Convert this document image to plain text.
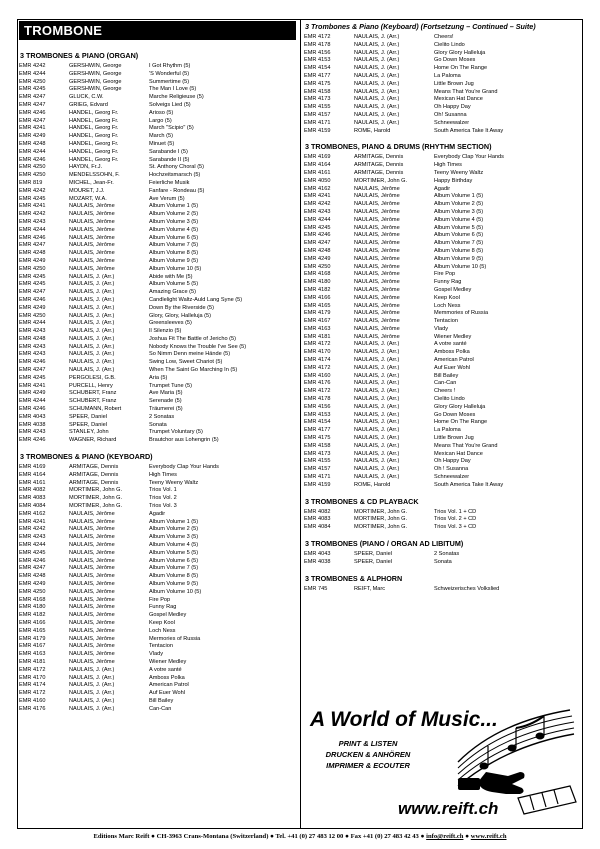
TROMBONE
3 TROMBONES & PIANO (ORGAN)
EMR 4242	GERSHWIN, George	I Got Rhythm (5)
EMR 4244	GERSHWIN, George	'S Wonderful (5)
EMR 4250	GERSHWIN, George	Summertime (5)
EMR 4245	GERSHWIN, George	The Man I Love (5)
EMR 4247	GLUCK, C.W.	Marche Religieuse (5)
EMR 4247	GRIEG, Edvard	Solveigs Lied (5)
EMR 4246	HÄNDEL, Georg Fr.	Arioso (5)
EMR 4247	HÄNDEL, Georg Fr.	Largo (5)
EMR 4241	HÄNDEL, Georg Fr.	March "Scipio" (5)
EMR 4249	HÄNDEL, Georg Fr.	March (5)
EMR 4248	HÄNDEL, Georg Fr.	Minuet (5)
EMR 4244	HÄNDEL, Georg Fr.	Sarabande I (5)
EMR 4246	HÄNDEL, Georg Fr.	Sarabande II (5)
EMR 4250	HAYDN, Fr.J.	St. Anthony Choral (5)
EMR 4250	MENDELSSOHN, F.	Hochzeitsmarsch (5)
EMR 819	MICHEL, Jean-Fr.	Feierliche Musik
EMR 4242	MOURET, J.J.	Fanfare - Rondeau (5)
EMR 4245	MOZART, W.A.	Ave Verum (5)
EMR 4241	NAULAIS, Jérôme	Album Volume 1 (5)
EMR 4242	NAULAIS, Jérôme	Album Volume 2 (5)
EMR 4243	NAULAIS, Jérôme	Album Volume 3 (5)
EMR 4244	NAULAIS, Jérôme	Album Volume 4 (5)
EMR 4246	NAULAIS, Jérôme	Album Volume 6 (5)
EMR 4247	NAULAIS, Jérôme	Album Volume 7 (5)
EMR 4248	NAULAIS, Jérôme	Album Volume 8 (5)
EMR 4249	NAULAIS, Jérôme	Album Volume 9 (5)
EMR 4250	NAULAIS, Jérôme	Album Volume 10 (5)
EMR 4245	NAULAIS, J. (Arr.)	Abide with Me (5)
EMR 4245	NAULAIS, J. (Arr.)	Album Volume 5 (5)
EMR 4247	NAULAIS, J. (Arr.)	Amazing Grace (5)
EMR 4246	NAULAIS, J. (Arr.)	Candlelight Waltz-Auld Lang Syne (5)
EMR 4249	NAULAIS, J. (Arr.)	Down By the Riverside (5)
EMR 4250	NAULAIS, J. (Arr.)	Glory, Glory, Halleluja (5)
EMR 4244	NAULAIS, J. (Arr.)	Greensleeves (5)
EMR 4243	NAULAIS, J. (Arr.)	Il Silenzio (5)
EMR 4248	NAULAIS, J. (Arr.)	Joshua Fit The Battle of Jericho (5)
EMR 4243	NAULAIS, J. (Arr.)	Nobody Knows the Trouble I've See (5)
EMR 4243	NAULAIS, J. (Arr.)	So Nimm Denn meine Hände (5)
EMR 4246	NAULAIS, J. (Arr.)	Swing Low, Sweet Chariot (5)
EMR 4247	NAULAIS, J. (Arr.)	When The Saint Go Marching In (5)
EMR 4245	PERGOLESI, G.B.	Aria (5)
EMR 4241	PURCELL, Henry	Trumpet Tune (5)
EMR 4249	SCHUBERT, Franz	Ave Maria (5)
EMR 4244	SCHUBERT, Franz	Serenade (5)
EMR 4246	SCHUMANN, Robert	Träumerei (5)
EMR 4043	SPEER, Daniel	2 Sonatas
EMR 4038	SPEER, Daniel	Sonata
EMR 4243	STANLEY, John	Trumpet Voluntary (5)
EMR 4246	WAGNER, Richard	Brautchor aus Lohengrin (5)
3 TROMBONES & PIANO (KEYBOARD)
EMR 4169	ARMITAGE, Dennis	Everybody Clap Your Hands
EMR 4164	ARMITAGE, Dennis	High Times
EMR 4161	ARMITAGE, Dennis	Teeny Weeny Waltz
EMR 4082	MORTIMER, John G.	Trios Vol. 1
EMR 4083	MORTIMER, John G.	Trios Vol. 2
EMR 4084	MORTIMER, John G.	Trios Vol. 3
EMR 4162	NAULAIS, Jérôme	Agadir
EMR 4241	NAULAIS, Jérôme	Album Volume 1 (5)
EMR 4242	NAULAIS, Jérôme	Album Volume 2 (5)
EMR 4243	NAULAIS, Jérôme	Album Volume 3 (5)
EMR 4244	NAULAIS, Jérôme	Album Volume 4 (5)
EMR 4245	NAULAIS, Jérôme	Album Volume 5 (5)
EMR 4246	NAULAIS, Jérôme	Album Volume 6 (5)
EMR 4247	NAULAIS, Jérôme	Album Volume 7 (5)
EMR 4248	NAULAIS, Jérôme	Album Volume 8 (5)
EMR 4249	NAULAIS, Jérôme	Album Volume 9 (5)
EMR 4250	NAULAIS, Jérôme	Album Volume 10 (5)
EMR 4168	NAULAIS, Jérôme	Fire Pop
EMR 4180	NAULAIS, Jérôme	Funny Rag
EMR 4182	NAULAIS, Jérôme	Gospel Medley
EMR 4166	NAULAIS, Jérôme	Keep Kool
EMR 4165	NAULAIS, Jérôme	Loch Ness
EMR 4179	NAULAIS, Jérôme	Mermories of Russia
EMR 4167	NAULAIS, Jérôme	Tentacion
EMR 4163	NAULAIS, Jérôme	Vlady
EMR 4181	NAULAIS, Jérôme	Wiener Medley
EMR 4172	NAULAIS, J. (Arr.)	A votre santé
EMR 4170	NAULAIS, J. (Arr.)	Amboss Polka
EMR 4174	NAULAIS, J. (Arr.)	American Patrol
EMR 4172	NAULAIS, J. (Arr.)	Auf Euer Wohl
EMR 4160	NAULAIS, J. (Arr.)	Bill Bailey
EMR 4176	NAULAIS, J. (Arr.)	Can-Can
3 Trombones & Piano (Keyboard) (Fortsetzung – Continued – Suite)
EMR 4172	NAULAIS, J. (Arr.)	Cheers!
EMR 4178	NAULAIS, J. (Arr.)	Cielito Lindo
EMR 4156	NAULAIS, J. (Arr.)	Glory Glory Halleluja
EMR 4153	NAULAIS, J. (Arr.)	Go Down Moses
EMR 4154	NAULAIS, J. (Arr.)	Home On The Range
EMR 4177	NAULAIS, J. (Arr.)	La Paloma
EMR 4175	NAULAIS, J. (Arr.)	Little Brown Jug
EMR 4158	NAULAIS, J. (Arr.)	Means That You're Grand
EMR 4173	NAULAIS, J. (Arr.)	Mexican Hat Dance
EMR 4155	NAULAIS, J. (Arr.)	Oh Happy Day
EMR 4157	NAULAIS, J. (Arr.)	Oh! Susanna
EMR 4171	NAULAIS, J. (Arr.)	Schneewalzer
EMR 4159	ROME, Harold	South America Take It Away
3 TROMBONES, PIANO & DRUMS (RHYTHM SECTION)
EMR 4169	ARMITAGE, Dennis	Everybody Clap Your Hands
EMR 4164	ARMITAGE, Dennis	High Times
EMR 4161	ARMITAGE, Dennis	Teeny Weeny Waltz
EMR 4050	MORTIMER, John G.	Happy Birthday
EMR 4162	NAULAIS, Jérôme	Agadir
EMR 4241	NAULAIS, Jérôme	Album Volume 1 (5)
EMR 4242	NAULAIS, Jérôme	Album Volume 2 (5)
EMR 4243	NAULAIS, Jérôme	Album Volume 3 (5)
EMR 4244	NAULAIS, Jérôme	Album Volume 4 (5)
EMR 4245	NAULAIS, Jérôme	Album Volume 5 (5)
EMR 4246	NAULAIS, Jérôme	Album Volume 6 (5)
EMR 4247	NAULAIS, Jérôme	Album Volume 7 (5)
EMR 4248	NAULAIS, Jérôme	Album Volume 8 (5)
EMR 4249	NAULAIS, Jérôme	Album Volume 9 (5)
EMR 4250	NAULAIS, Jérôme	Album Volume 10 (5)
EMR 4168	NAULAIS, Jérôme	Fire Pop
EMR 4180	NAULAIS, Jérôme	Funny Rag
EMR 4182	NAULAIS, Jérôme	Gospel Medley
EMR 4166	NAULAIS, Jérôme	Keep Kool
EMR 4165	NAULAIS, Jérôme	Loch Ness
EMR 4179	NAULAIS, Jérôme	Memmories of Russia
EMR 4167	NAULAIS, Jérôme	Tentacion
EMR 4163	NAULAIS, Jérôme	Vlady
EMR 4181	NAULAIS, Jérôme	Wiener Medley
EMR 4172	NAULAIS, J. (Arr.)	A votre santé
EMR 4170	NAULAIS, J. (Arr.)	Amboss Polka
EMR 4174	NAULAIS, J. (Arr.)	American Patrol
EMR 4172	NAULAIS, J. (Arr.)	Auf Euer Wohl
EMR 4160	NAULAIS, J. (Arr.)	Bill Bailey
EMR 4176	NAULAIS, J. (Arr.)	Can-Can
EMR 4172	NAULAIS, J. (Arr.)	Cheers !
EMR 4178	NAULAIS, J. (Arr.)	Cielito Lindo
EMR 4156	NAULAIS, J. (Arr.)	Glory Glory Halleluja
EMR 4153	NAULAIS, J. (Arr.)	Go Down Moses
EMR 4154	NAULAIS, J. (Arr.)	Home On The Range
EMR 4177	NAULAIS, J. (Arr.)	La Paloma
EMR 4175	NAULAIS, J. (Arr.)	Little Brown Jug
EMR 4158	NAULAIS, J. (Arr.)	Means That You're Grand
EMR 4173	NAULAIS, J. (Arr.)	Mexican Hat Dance
EMR 4155	NAULAIS, J. (Arr.)	Oh Happy Day
EMR 4157	NAULAIS, J. (Arr.)	Oh ! Susanna
EMR 4171	NAULAIS, J. (Arr.)	Schneewalzer
EMR 4159	ROME, Harold	South America Take It Away
3 TROMBONES & CD PLAYBACK
EMR 4082	MORTIMER, John G.	Trios Vol. 1 + CD
EMR 4083	MORTIMER, John G.	Trios Vol. 2 + CD
EMR 4084	MORTIMER, John G.	Trios Vol. 3 + CD
3 TROMBONES (PIANO / ORGAN AD LIBITUM)
EMR 4043	SPEER, Daniel	2 Sonatas
EMR 4038	SPEER, Daniel	Sonata
3 TROMBONES & ALPHORN
EMR 745	REIFT, Marc	Schweizerisches Volkslied
A World of Music...
PRINT & LISTEN
DRUCKEN & ANHÖREN
IMPRIMER & ECOUTER
www.reift.ch
Editions Marc Reift ● CH-3963 Crans-Montana (Switzerland) ● Tel. +41 (0) 27 483 12 00 ● Fax +41 (0) 27 483 42 43 ● info@reift.ch ● www.reift.ch
